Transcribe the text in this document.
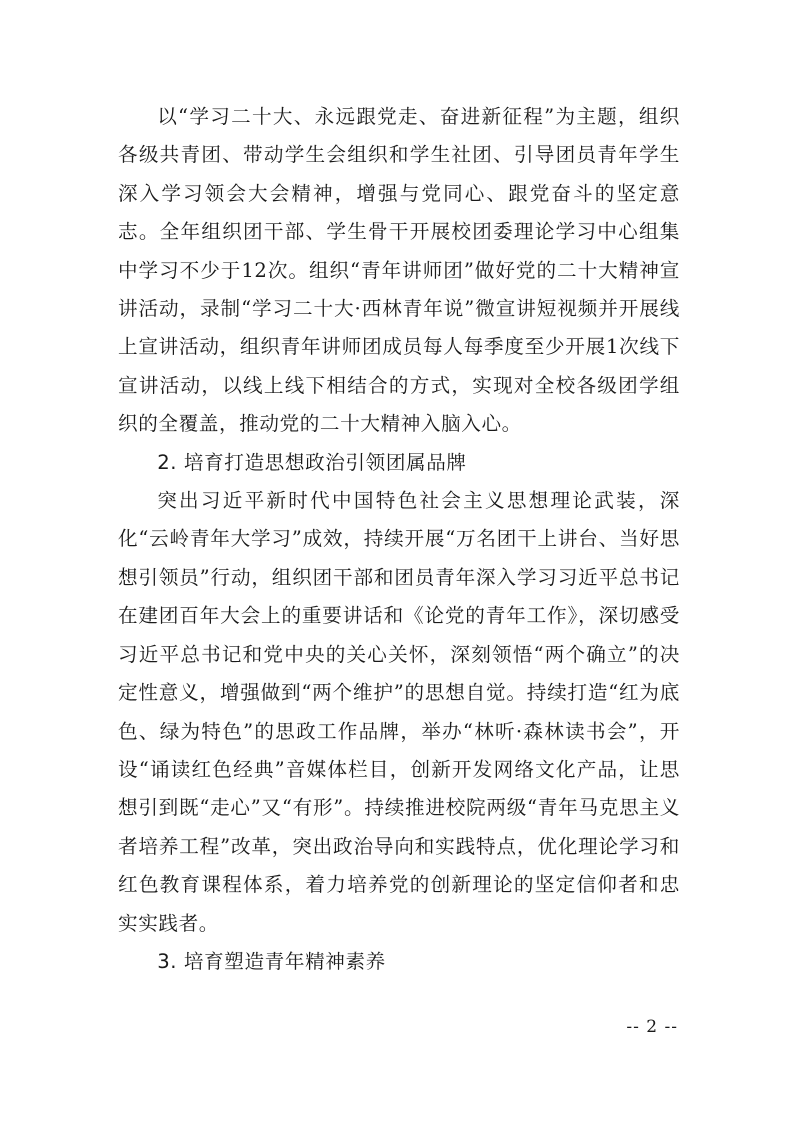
以“学习二十大、永远跟党走、奋进新征程”为主题，组织各级共青团、带动学生会组织和学生社团、引导团员青年学生深入学习领会大会精神，增强与党同心、跟党奋斗的坚定意志。全年组织团干部、学生骨干开展校团委理论学习中心组集中学习不少于12次。组织“青年讲师团”做好党的二十大精神宣讲活动，录制“学习二十大·西林青年说”微宣讲短视频并开展线上宣讲活动，组织青年讲师团成员每人每季度至少开展1次线下宣讲活动，以线上线下相结合的方式，实现对全校各级团学组织的全覆盖，推动党的二十大精神入脑入心。

2. 培育打造思想政治引领团属品牌

突出习近平新时代中国特色社会主义思想理论武装，深化“云岭青年大学习”成效，持续开展“万名团干上讲台、当好思想引领员”行动，组织团干部和团员青年深入学习习近平总书记在建团百年大会上的重要讲话和《论党的青年工作》，深切感受习近平总书记和党中央的关心关怀，深刻领悟“两个确立”的决定性意义，增强做到“两个维护”的思想自觉。持续打造“红为底色、绿为特色”的思政工作品牌，举办“林听·森林读书会”，开设“诵读红色经典”音媒体栏目，创新开发网络文化产品，让思想引到既“走心”又“有形”。持续推进校院两级“青年马克思主义者培养工程”改革，突出政治导向和实践特点，优化理论学习和红色教育课程体系，着力培养党的创新理论的坚定信仰者和忠实实践者。

3. 培育塑造青年精神素养

-- 2 --
